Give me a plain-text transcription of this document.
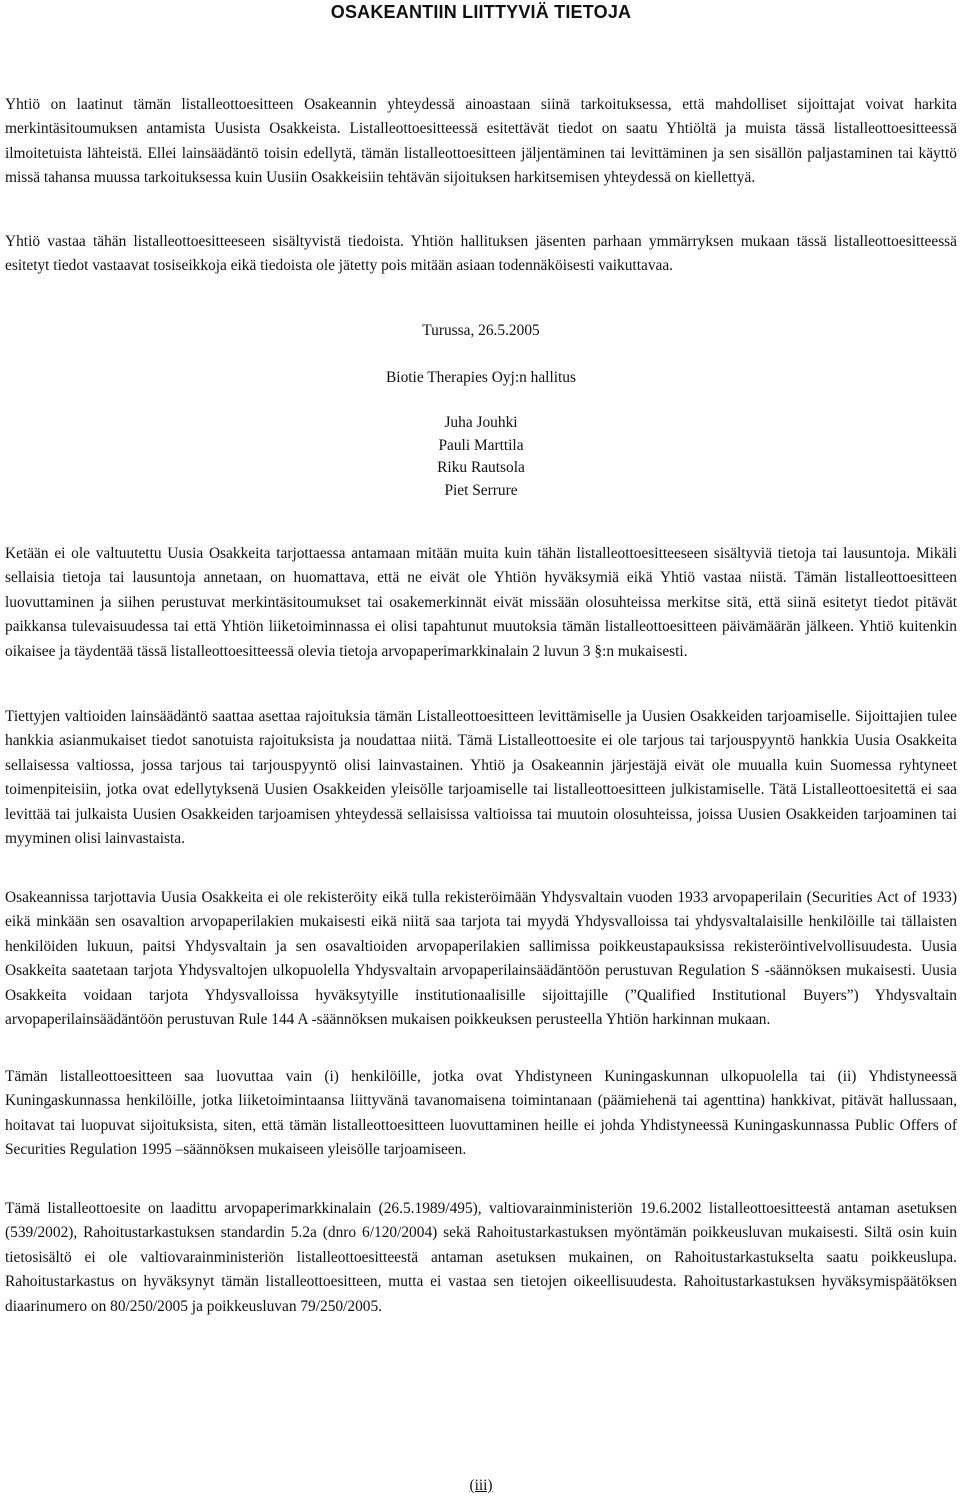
OSAKEANTIIN LIITTYVIÄ TIETOJA

Yhtiö on laatinut tämän listalleottoesitteen Osakeannin yhteydessä ainoastaan siinä tarkoituksessa, että mahdolliset sijoittajat voivat harkita merkintäsitoumuksen antamista Uusista Osakkeista. Listalleottoesitteessä esitettävät tiedot on saatu Yhtiöltä ja muista tässä listalleottoesitteessä ilmoitetuista lähteistä. Ellei lainsäädäntö toisin edellytä, tämän listalleottoesitteen jäljentäminen tai levittäminen ja sen sisällön paljastaminen tai käyttö missä tahansa muussa tarkoituksessa kuin Uusiin Osakkeisiin tehtävän sijoituksen harkitsemisen yhteydessä on kiellettyä.

Yhtiö vastaa tähän listalleottoesitteeseen sisältyvistä tiedoista. Yhtiön hallituksen jäsenten parhaan ymmärryksen mukaan tässä listalleottoesitteessä esitetyt tiedot vastaavat tosiseikkoja eikä tiedoista ole jätetty pois mitään asiaan todennäköisesti vaikuttavaa.

Turussa, 26.5.2005
Biotie Therapies Oyj:n hallitus
Juha Jouhki
Pauli Marttila
Riku Rautsola
Piet Serrure

Ketään ei ole valtuutettu Uusia Osakkeita tarjottaessa antamaan mitään muita kuin tähän listalleottoesitteeseen sisältyviä tietoja tai lausuntoja. Mikäli sellaisia tietoja tai lausuntoja annetaan, on huomattava, että ne eivät ole Yhtiön hyväksymiä eikä Yhtiö vastaa niistä. Tämän listalleottoesitteen luovuttaminen ja siihen perustuvat merkintäsitoumukset tai osakemerkinnät eivät missään olosuhteissa merkitse sitä, että siinä esitetyt tiedot pitävät paikkansa tulevaisuudessa tai että Yhtiön liiketoiminnassa ei olisi tapahtunut muutoksia tämän listalleottoesitteen päivämäärän jälkeen. Yhtiö kuitenkin oikaisee ja täydentää tässä listalleottoesitteessä olevia tietoja arvopaperimarkkinalain 2 luvun 3 §:n mukaisesti.

Tiettyjen valtioiden lainsäädäntö saattaa asettaa rajoituksia tämän Listalleottoesitteen levittämiselle ja Uusien Osakkeiden tarjoamiselle. Sijoittajien tulee hankkia asianmukaiset tiedot sanotuista rajoituksista ja noudattaa niitä. Tämä Listalleottoesite ei ole tarjous tai tarjouspyyntö hankkia Uusia Osakkeita sellaisessa valtiossa, jossa tarjous tai tarjouspyyntö olisi lainvastainen. Yhtiö ja Osakeannin järjestäjä eivät ole muualla kuin Suomessa ryhtyneet toimenpiteisiin, jotka ovat edellytyksenä Uusien Osakkeiden yleisölle tarjoamiselle tai listalleottoesitteen julkistamiselle. Tätä Listalleottoesitettä ei saa levittää tai julkaista Uusien Osakkeiden tarjoamisen yhteydessä sellaisissa valtioissa tai muutoin olosuhteissa, joissa Uusien Osakkeiden tarjoaminen tai myyminen olisi lainvastaista.

Osakeannissa tarjottavia Uusia Osakkeita ei ole rekisteröity eikä tulla rekisteröimään Yhdysvaltain vuoden 1933 arvopaperilain (Securities Act of 1933) eikä minkään sen osavaltion arvopaperilakien mukaisesti eikä niitä saa tarjota tai myydä Yhdysvalloissa tai yhdysvaltalaisille henkilöille tai tällaisten henkilöiden lukuun, paitsi Yhdysvaltain ja sen osavaltioiden arvopaperilakien sallimissa poikkeustapauksissa rekisteröintivelvollisuudesta. Uusia Osakkeita saatetaan tarjota Yhdysvaltojen ulkopuolella Yhdysvaltain arvopaperilainsäädäntöön perustuvan Regulation S -säännöksen mukaisesti. Uusia Osakkeita voidaan tarjota Yhdysvalloissa hyväksytyille institutionaalisille sijoittajille (”Qualified Institutional Buyers”) Yhdysvaltain arvopaperilainsäädäntöön perustuvan Rule 144 A -säännöksen mukaisen poikkeuksen perusteella Yhtiön harkinnan mukaan.

Tämän listalleottoesitteen saa luovuttaa vain (i) henkilöille, jotka ovat Yhdistyneen Kuningaskunnan ulkopuolella tai (ii) Yhdistyneessä Kuningaskunnassa henkilöille, jotka liiketoimintaansa liittyvänä tavanomaisena toimintanaan (päämiehenä tai agenttina) hankkivat, pitävät hallussaan, hoitavat tai luopuvat sijoituksista, siten, että tämän listalleottoesitteen luovuttaminen heille ei johda Yhdistyneessä Kuningaskunnassa Public Offers of Securities Regulation 1995 –säännöksen mukaiseen yleisölle tarjoamiseen.

Tämä listalleottoesite on laadittu arvopaperimarkkinalain (26.5.1989/495), valtiovarainministeriön 19.6.2002 listalleottoesitteestä antaman asetuksen (539/2002), Rahoitustarkastuksen standardin 5.2a (dnro 6/120/2004) sekä Rahoitustarkastuksen myöntämän poikkeusluvan mukaisesti. Siltä osin kuin tietosisältö ei ole valtiovarainministeriön listalleottoesitteestä antaman asetuksen mukainen, on Rahoitustarkastukselta saatu poikkeuslupa. Rahoitustarkastus on hyväksynyt tämän listalleottoesitteen, mutta ei vastaa sen tietojen oikeellisuudesta. Rahoitustarkastuksen hyväksymispäätöksen diaarinumero on 80/250/2005 ja poikkeusluvan 79/250/2005.

(iii)
